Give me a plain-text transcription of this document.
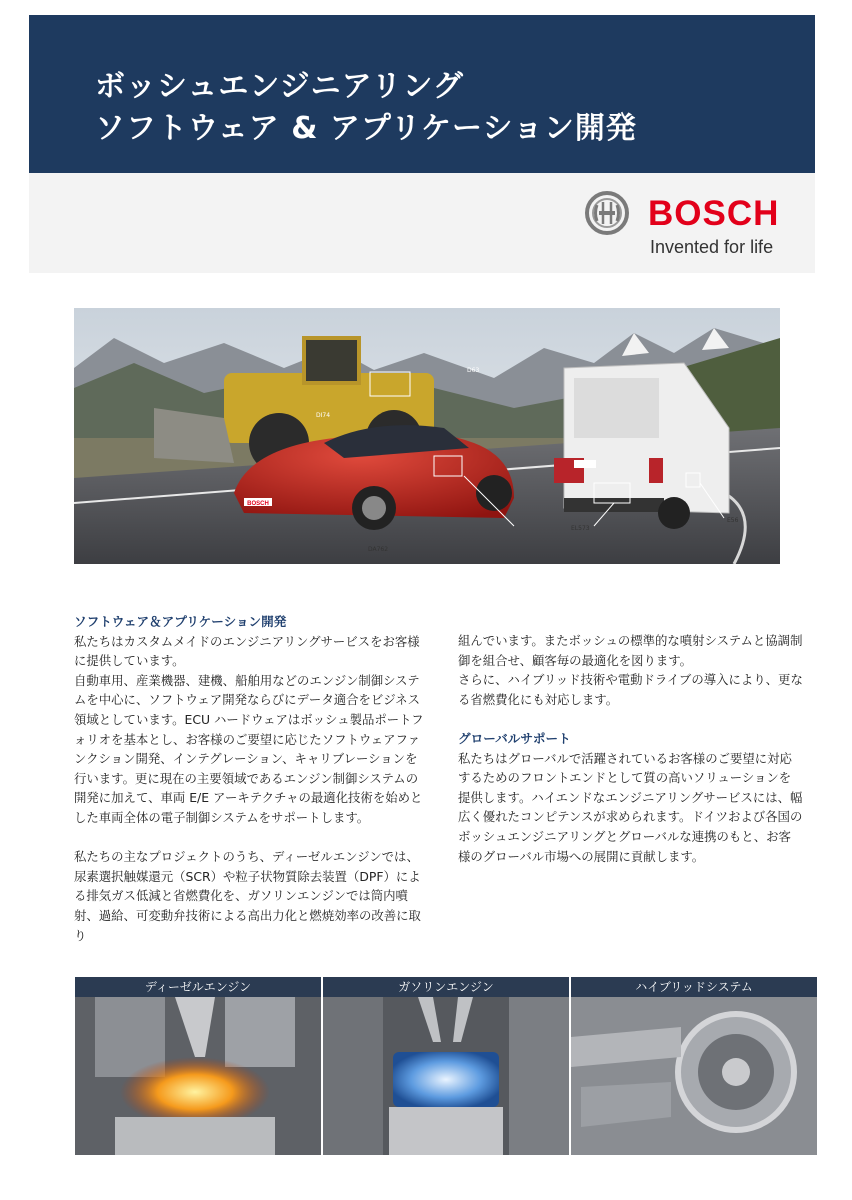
ボッシュエンジニアリング
ソフトウェア & アプリケーション開発
BOSCH
Invented for life
BOSCH
D63
DI74
DA762
EL573
E56
ソフトウェア＆アプリケーション開発

私たちはカスタムメイドのエンジニアリングサービスをお客様に提供しています。

自動車用、産業機器、建機、船舶用などのエンジン制御システムを中心に、ソフトウェア開発ならびにデータ適合をビジネス領域としています。ECU ハードウェアはボッシュ製品ポートフォリオを基本とし、お客様のご要望に応じたソフトウェアファンクション開発、インテグレーション、キャリブレーションを行います。更に現在の主要領域であるエンジン制御システムの開発に加えて、車両 E/E アーキテクチャの最適化技術を始めとした車両全体の電子制御システムをサポートします。

私たちの主なプロジェクトのうち、ディーゼルエンジンでは、尿素選択触媒還元（SCR）や粒子状物質除去装置（DPF）による排気ガス低減と省燃費化を、ガソリンエンジンでは筒内噴射、過給、可変動弁技術による高出力化と燃焼効率の改善に取り

組んでいます。またボッシュの標準的な噴射システムと協調制御を組合せ、顧客毎の最適化を図ります。

さらに、ハイブリッド技術や電動ドライブの導入により、更なる省燃費化にも対応します。

グローバルサポート

私たちはグローバルで活躍されているお客様のご要望に対応するためのフロントエンドとして質の高いソリューションを提供します。ハイエンドなエンジニアリングサービスには、幅広く優れたコンピテンスが求められます。ドイツおよび各国のボッシュエンジニアリングとグローバルな連携のもと、お客様のグローバル市場への展開に貢献します。

ディーゼルエンジン	ガソリンエンジン	ハイブリッドシステム
